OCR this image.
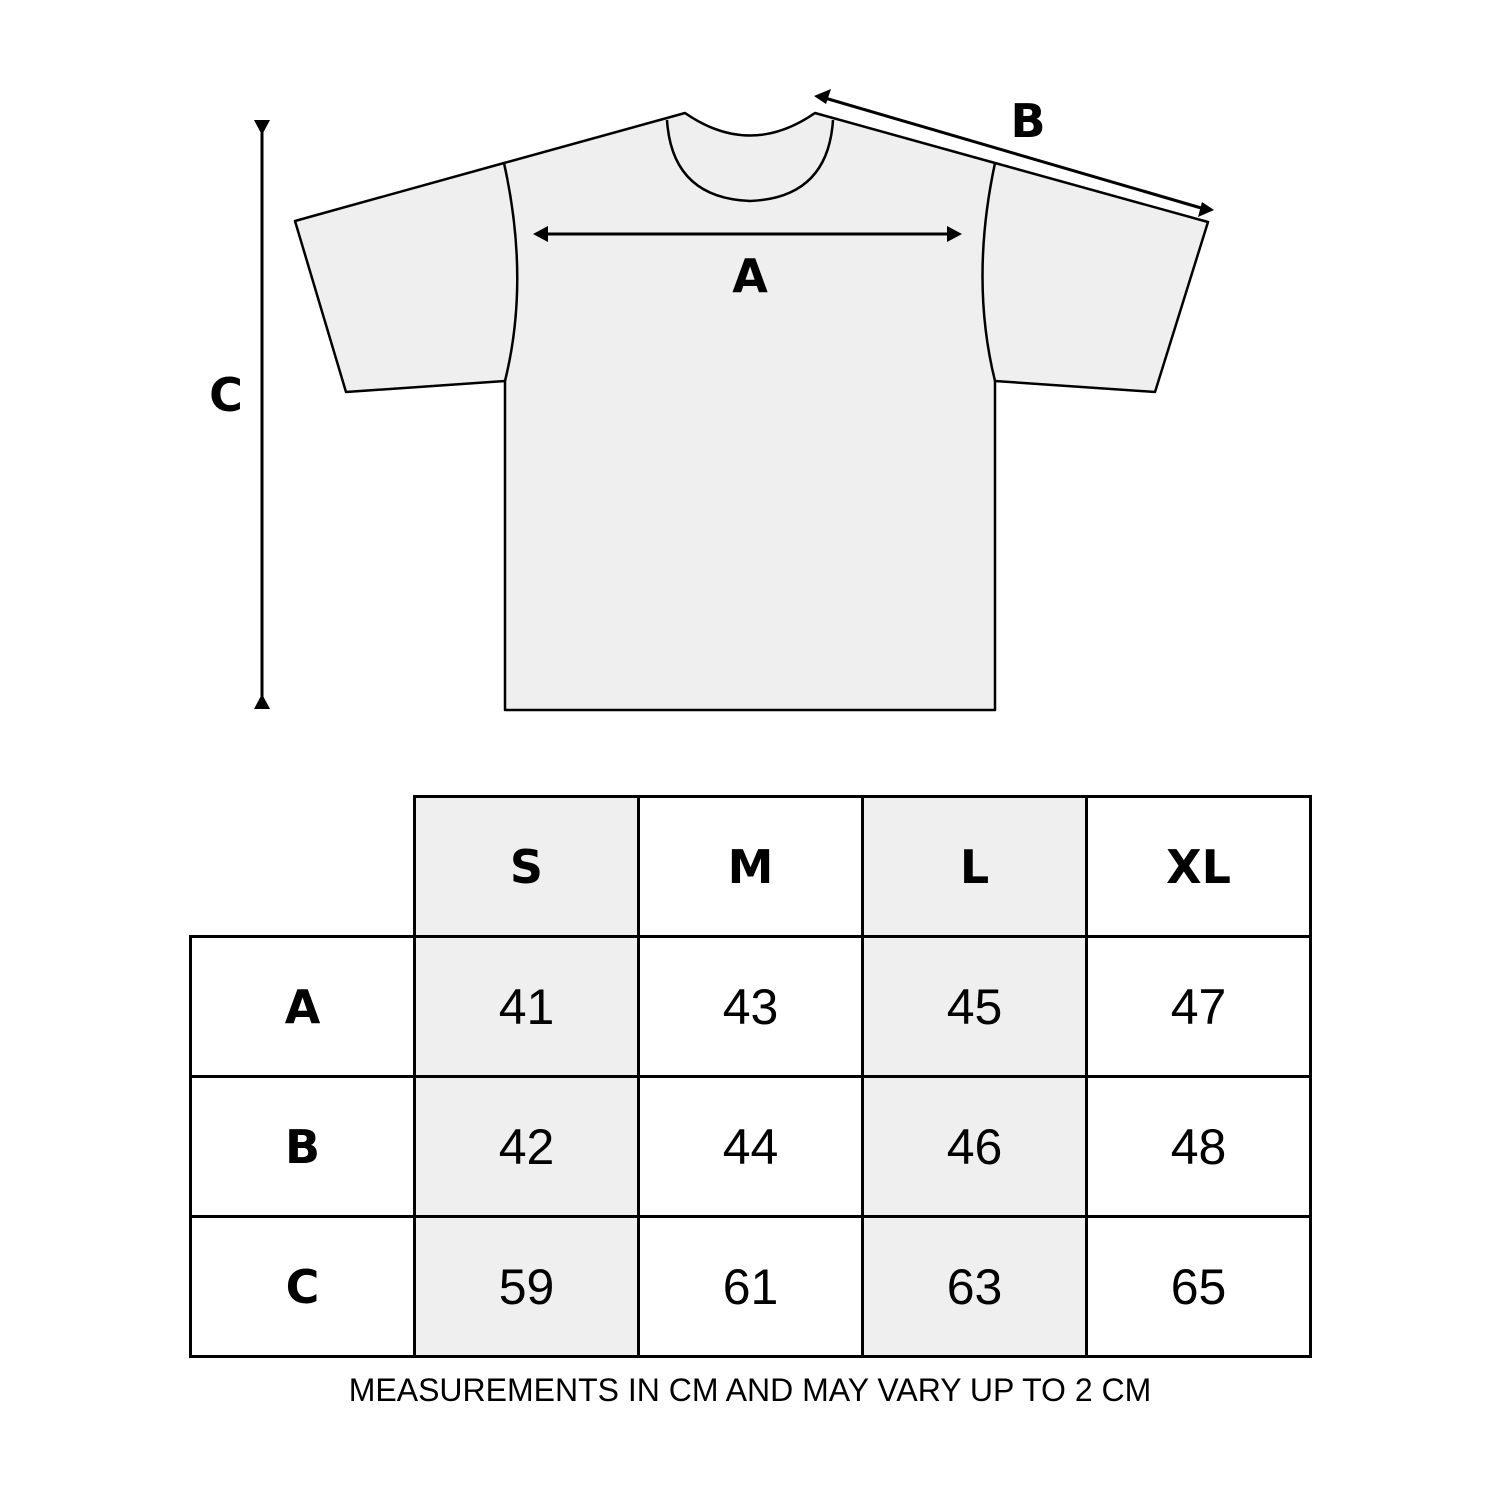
A
B
C
	S	M	L	XL
A	41	43	45	47
B	42	44	46	48
C	59	61	63	65
MEASUREMENTS IN CM AND MAY VARY UP TO 2 CM
